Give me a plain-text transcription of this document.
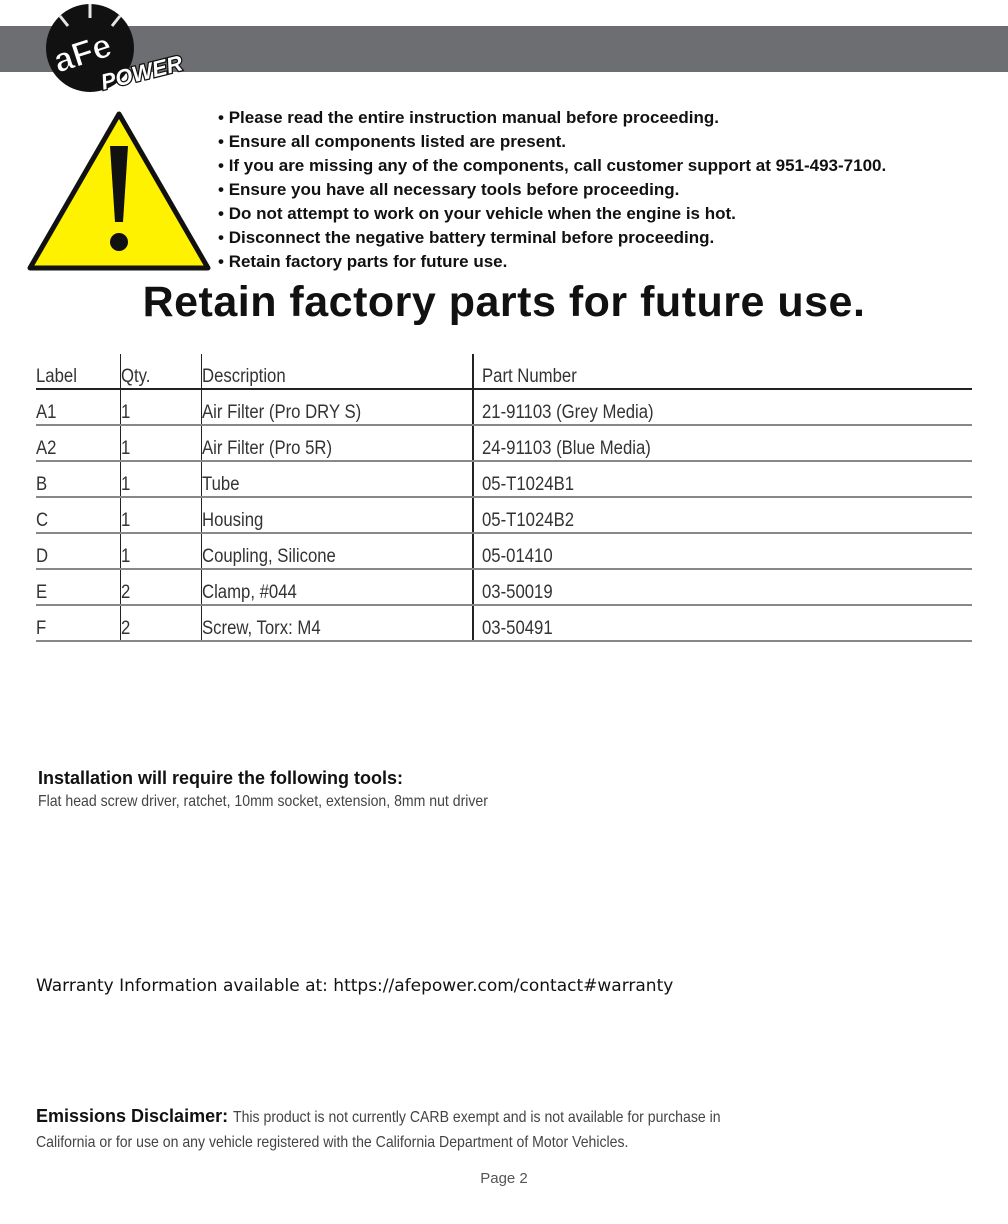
aFe
POWER
• Please read the entire instruction manual before proceeding.
• Ensure all components listed are present.
• If you are missing any of the components, call customer support at 951-493-7100.
• Ensure you have all necessary tools before proceeding.
• Do not attempt to work on your vehicle when the engine is hot.
• Disconnect the negative battery terminal before proceeding.
• Retain factory parts for future use.
Retain factory parts for future use.
Label	Qty.	Description	Part Number
A1	1	Air Filter (Pro DRY S)	21-91103 (Grey Media)
A2	1	Air Filter (Pro 5R)	24-91103 (Blue Media)
B	1	Tube	05-T1024B1
C	1	Housing	05-T1024B2
D	1	Coupling, Silicone	05-01410
E	2	Clamp, #044	03-50019
F	2	Screw, Torx: M4	03-50491

Installation will require the following tools:

Flat head screw driver, ratchet, 10mm socket, extension, 8mm nut driver

Warranty Information available at: https://afepower.com/contact#warranty

Emissions Disclaimer: This product is not currently CARB exempt and is not available for purchase in
California or for use on any vehicle registered with the California Department of Motor Vehicles.
Page 2
